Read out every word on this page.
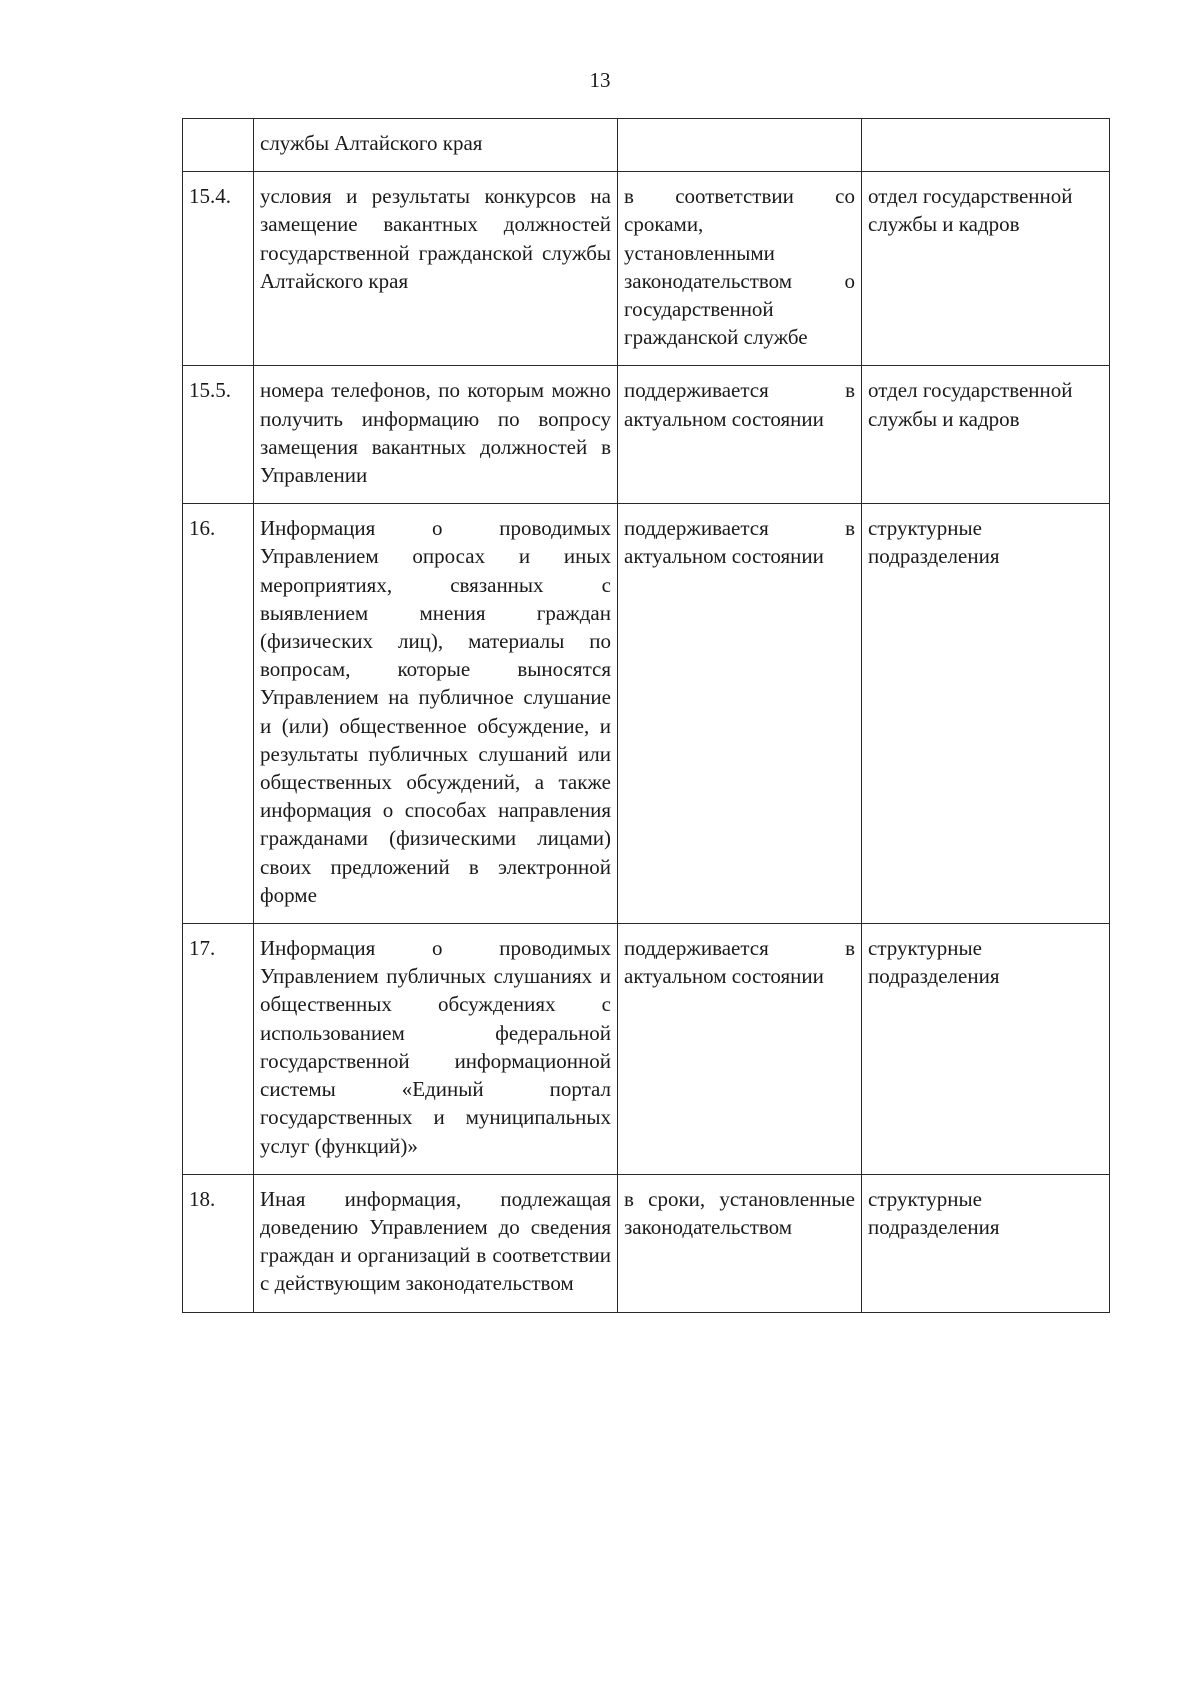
13
	службы Алтайского края		
15.4.	условия и результаты конкурсов на замещение вакантных должностей государственной гражданской службы Алтайского края	в соответствии со сроками, установленными законодательством о государственной гражданской службе	отдел государственной службы и кадров
15.5.	номера телефонов, по которым можно получить информацию по вопросу замещения вакантных должностей в Управлении	поддерживается в актуальном состоянии	отдел государственной службы и кадров
16.	Информация о проводимых Управлением опросах и иных мероприятиях, связанных с выявлением мнения граждан (физических лиц), материалы по вопросам, которые выносятся Управлением на публичное слушание и (или) общественное обсуждение, и результаты публичных слушаний или общественных обсуждений, а также информация о способах направления гражданами (физическими лицами) своих предложений в электронной форме	поддерживается в актуальном состоянии	структурные подразделения
17.	Информация о проводимых Управлением публичных слушаниях и общественных обсуждениях с использованием федеральной государственной информационной системы «Единый портал государственных и муниципальных услуг (функций)»	поддерживается в актуальном состоянии	структурные подразделения
18.	Иная информация, подлежащая доведению Управлением до сведения граждан и организаций в соответствии с действующим законодательством	в сроки, установленные законодательством	структурные подразделения
